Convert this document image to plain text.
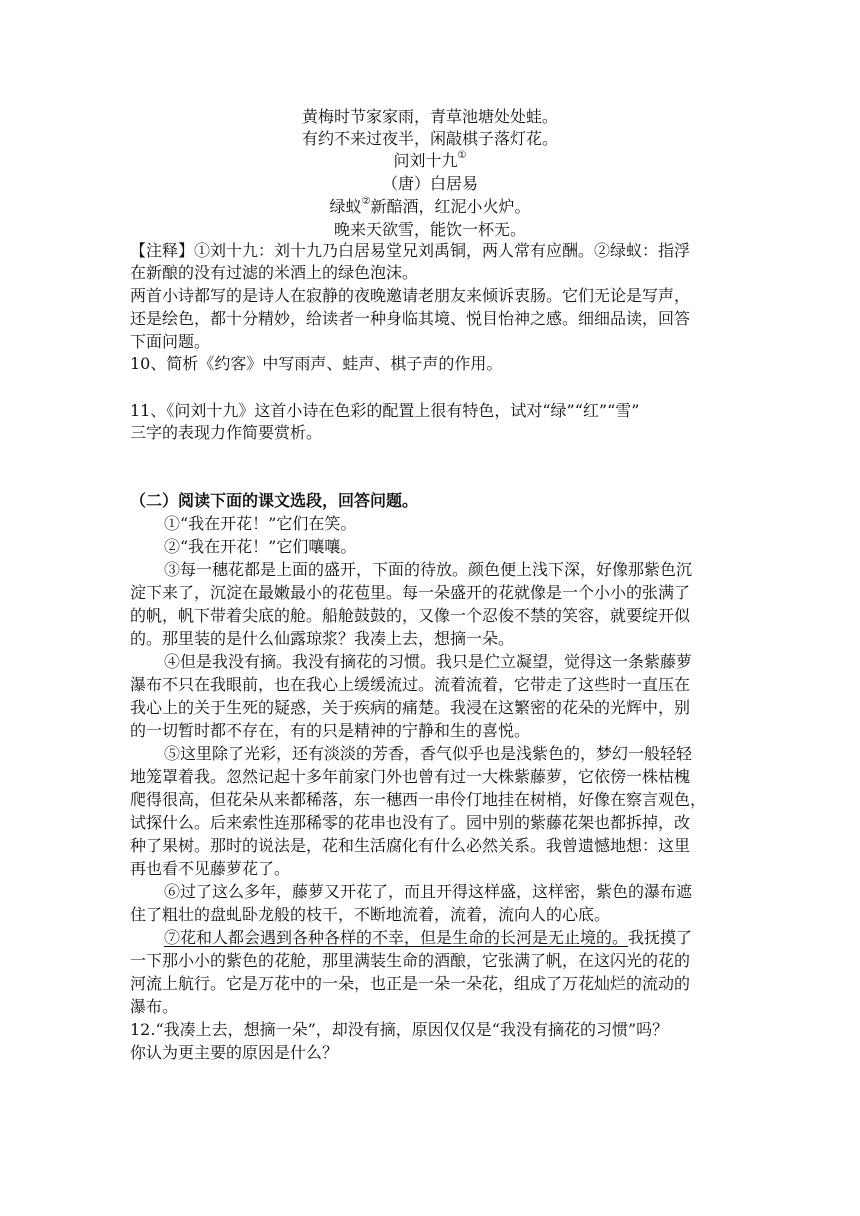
黄梅时节家家雨，青草池塘处处蛙。
有约不来过夜半，闲敲棋子落灯花。
问刘十九①
（唐）白居易
绿蚁②新醅酒，红泥小火炉。
晚来天欲雪，能饮一杯无。
【注释】①刘十九：刘十九乃白居易堂兄刘禹铜，两人常有应酬。②绿蚁：指浮
在新酿的没有过滤的米酒上的绿色泡沫。
两首小诗都写的是诗人在寂静的夜晚邀请老朋友来倾诉衷肠。它们无论是写声，
还是绘色，都十分精妙，给读者一种身临其境、悦目怡神之感。细细品读，回答
下面问题。
10、简析《约客》中写雨声、蛙声、棋子声的作用。
11、《问刘十九》这首小诗在色彩的配置上很有特色，试对“绿”“红”“雪”
三字的表现力作简要赏析。
（二）阅读下面的课文选段，回答问题。
①“我在开花！”它们在笑。
②“我在开花！”它们嚷嚷。
③每一穗花都是上面的盛开，下面的待放。颜色便上浅下深，好像那紫色沉
淀下来了，沉淀在最嫩最小的花苞里。每一朵盛开的花就像是一个小小的张满了
的帆，帆下带着尖底的舱。船舱鼓鼓的，又像一个忍俊不禁的笑容，就要绽开似
的。那里装的是什么仙露琼浆？我凑上去，想摘一朵。
④但是我没有摘。我没有摘花的习惯。我只是伫立凝望，觉得这一条紫藤萝
瀑布不只在我眼前，也在我心上缓缓流过。流着流着，它带走了这些时一直压在
我心上的关于生死的疑惑，关于疾病的痛楚。我浸在这繁密的花朵的光辉中，别
的一切暂时都不存在，有的只是精神的宁静和生的喜悦。
⑤这里除了光彩，还有淡淡的芳香，香气似乎也是浅紫色的，梦幻一般轻轻
地笼罩着我。忽然记起十多年前家门外也曾有过一大株紫藤萝，它依傍一株枯槐
爬得很高，但花朵从来都稀落，东一穗西一串伶仃地挂在树梢，好像在察言观色，
试探什么。后来索性连那稀零的花串也没有了。园中别的紫藤花架也都拆掉，改
种了果树。那时的说法是，花和生活腐化有什么必然关系。我曾遗憾地想：这里
再也看不见藤萝花了。
⑥过了这么多年，藤萝又开花了，而且开得这样盛，这样密，紫色的瀑布遮
住了粗壮的盘虬卧龙般的枝干，不断地流着，流着，流向人的心底。
⑦花和人都会遇到各种各样的不幸，但是生命的长河是无止境的。我抚摸了
一下那小小的紫色的花舱，那里满装生命的酒酿，它张满了帆，在这闪光的花的
河流上航行。它是万花中的一朵，也正是一朵一朵花，组成了万花灿烂的流动的
瀑布。
12.“我凑上去，想摘一朵”，却没有摘，原因仅仅是“我没有摘花的习惯”吗？
你认为更主要的原因是什么？
